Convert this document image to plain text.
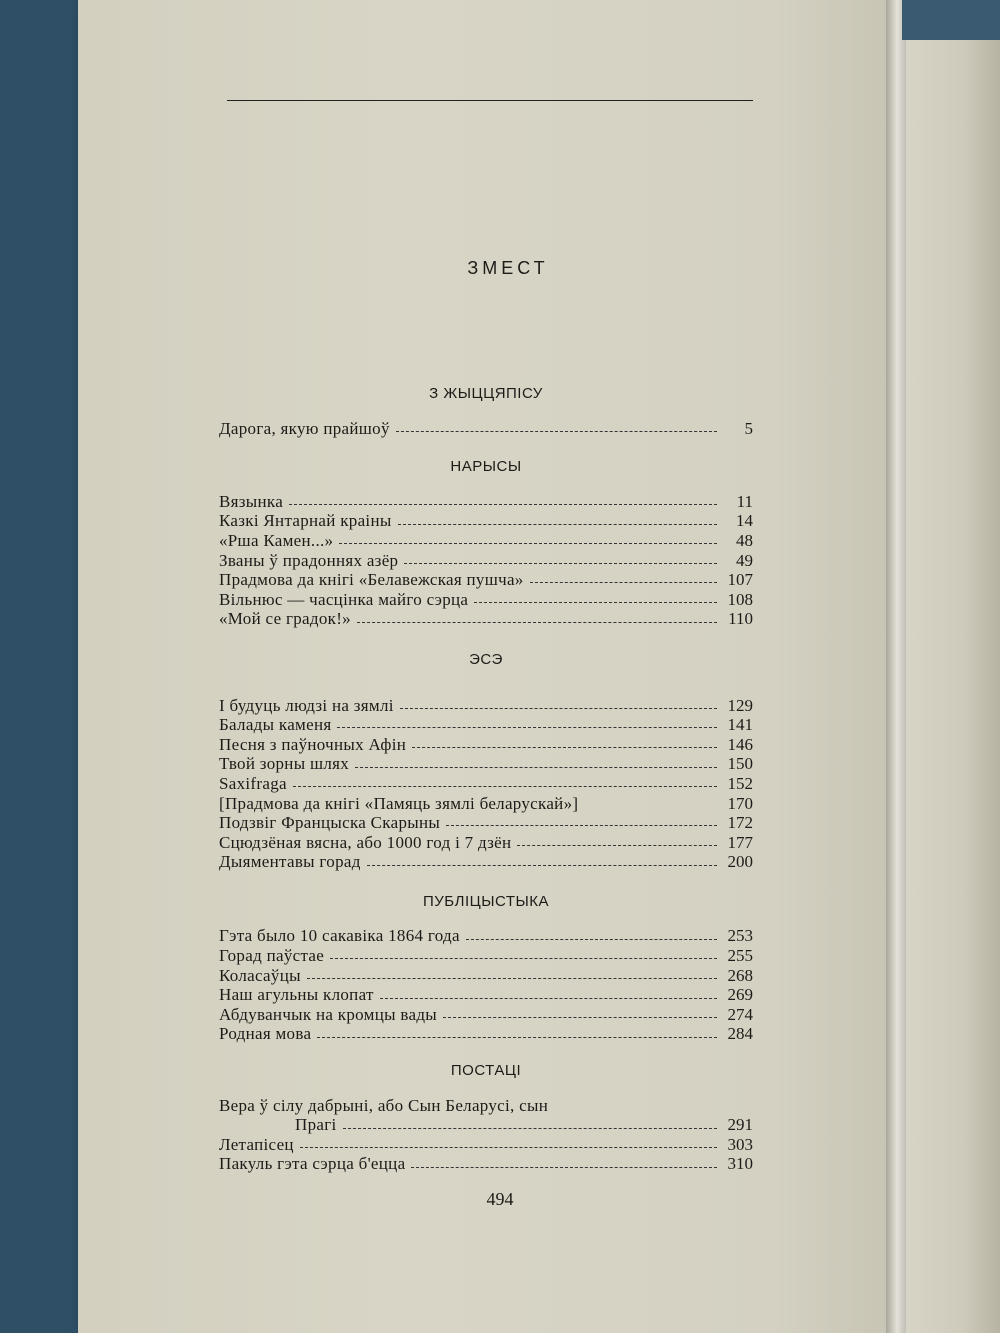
ЗМЕСТ
З ЖЫЦЦЯПІСУ
Дарога, якую прайшоў	5
НАРЫСЫ
Вязынка	11
Казкі Янтарнай краіны	14
«Рша Камен...»	48
Званы ў прадоннях азёр	49
Прадмова да кнігі «Белавежская пушча»	107
Вільнюс — часцінка майго сэрца	108
«Мой се градок!»	110
ЭСЭ
І будуць людзі на зямлі	129
Балады каменя	141
Песня з паўночных Афін	146
Твой зорны шлях	150
Saxifraga	152
[Прадмова да кнігі «Памяць зямлі беларускай»]	170
Подзвіг Францыска Скарыны	172
Сцюдзёная вясна, або 1000 год і 7 дзён	177
Дыяментавы горад	200
ПУБЛІЦЫСТЫКА
Гэта было 10 сакавіка 1864 года	253
Горад паўстае	255
Коласаўцы	268
Наш агульны клопат	269
Абдуванчык на кромцы вады	274
Родная мова	284
ПОСТАЦІ
Вера ў сілу дабрыні, або Сын Беларусі, сын
Прагі	291
Летапісец	303
Пакуль гэта сэрца б'ецца	310
494
